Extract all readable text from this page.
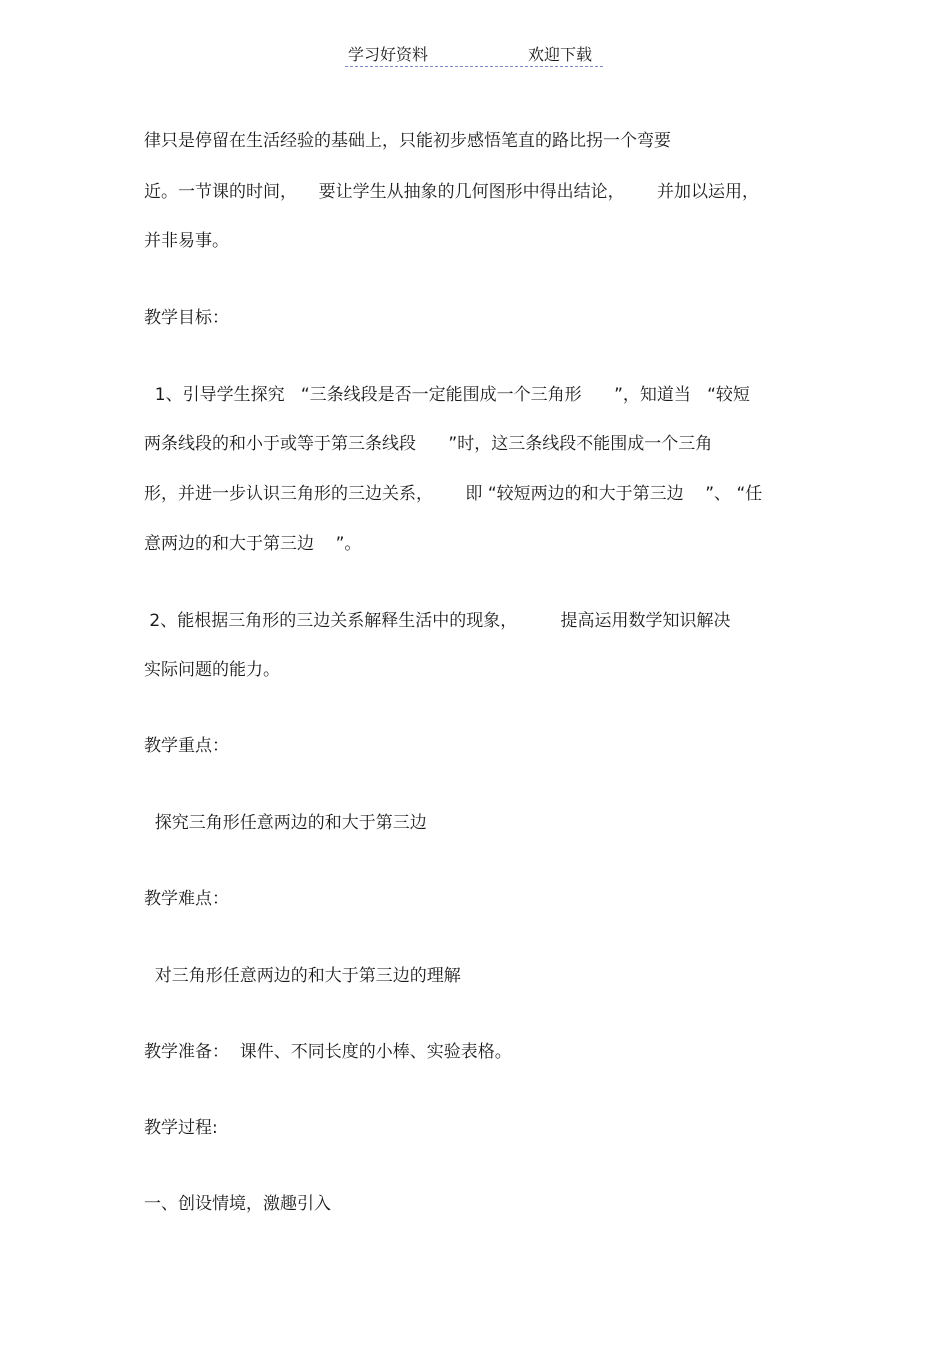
学习好资料	欢迎下载
律只是停留在生活经验的基础上，只能初步感悟笔直的路比拐一个弯要
近。一节课的时间，    要让学生从抽象的几何图形中得出结论，      并加以运用，
并非易事。
教学目标：
1、引导学生探究   “三条线段是否一定能围成一个三角形      ”，知道当   “较短
两条线段的和小于或等于第三条线段      ”时，这三条线段不能围成一个三角
形，并进一步认识三角形的三边关系，      即 “较短两边的和大于第三边    ”、 “任
意两边的和大于第三边    ”。
2、能根据三角形的三边关系解释生活中的现象，        提高运用数学知识解决
实际问题的能力。
教学重点：
探究三角形任意两边的和大于第三边
教学难点：
对三角形任意两边的和大于第三边的理解
教学准备：  课件、不同长度的小棒、实验表格。
教学过程:
一、创设情境，激趣引入
